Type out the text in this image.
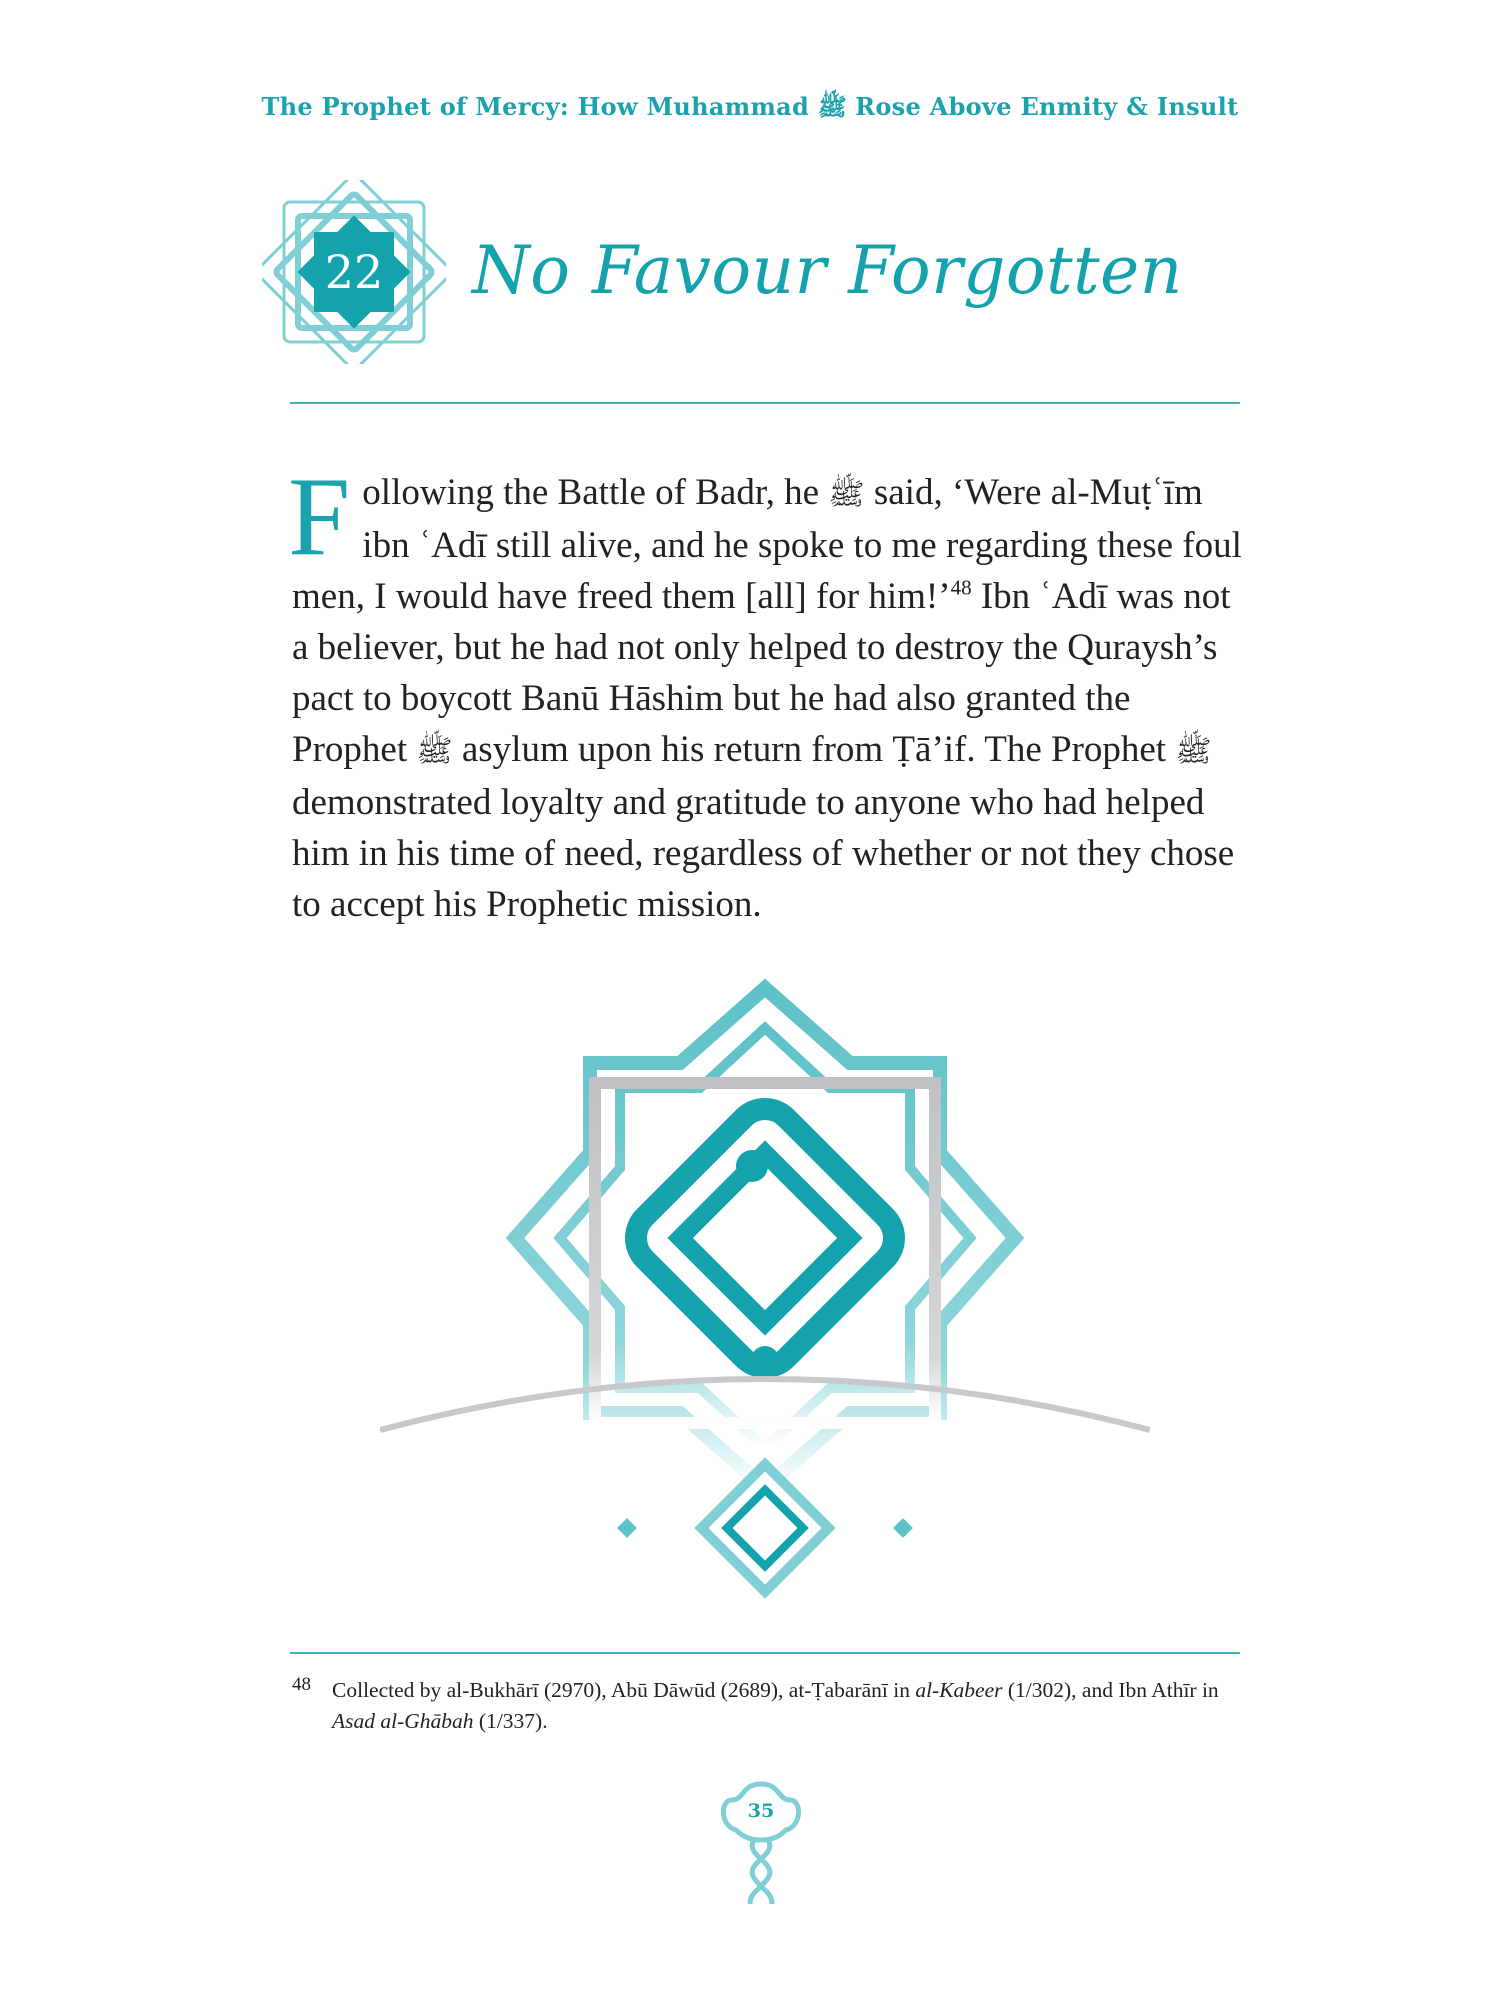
The Prophet of Mercy: How Muhammad ﷺ Rose Above Enmity & Insult
22	No Favour Forgotten

Following the Battle of Badr, he ﷺ said, ‘Were al-Muṭʿīm ibn ʿAdī still alive, and he spoke to me regarding these foul men, I would have freed them [all] for him!’$^{48}$ Ibn ʿAdī was not a believer, but he had not only helped to destroy the Quraysh’s pact to boycott Banū Hāshim but he had also granted the Prophet ﷺ asylum upon his return from Ṭā’if. The Prophet ﷺ demonstrated loyalty and gratitude to anyone who had helped him in his time of need, regardless of whether or not they chose to accept his Prophetic mission.

48 Collected by al-Bukhārī (2970), Abū Dāwūd (2689), at-Ṭabarānī in al-Kabeer (1/302), and Ibn Athīr in Asad al-Ghābah (1/337).
35
